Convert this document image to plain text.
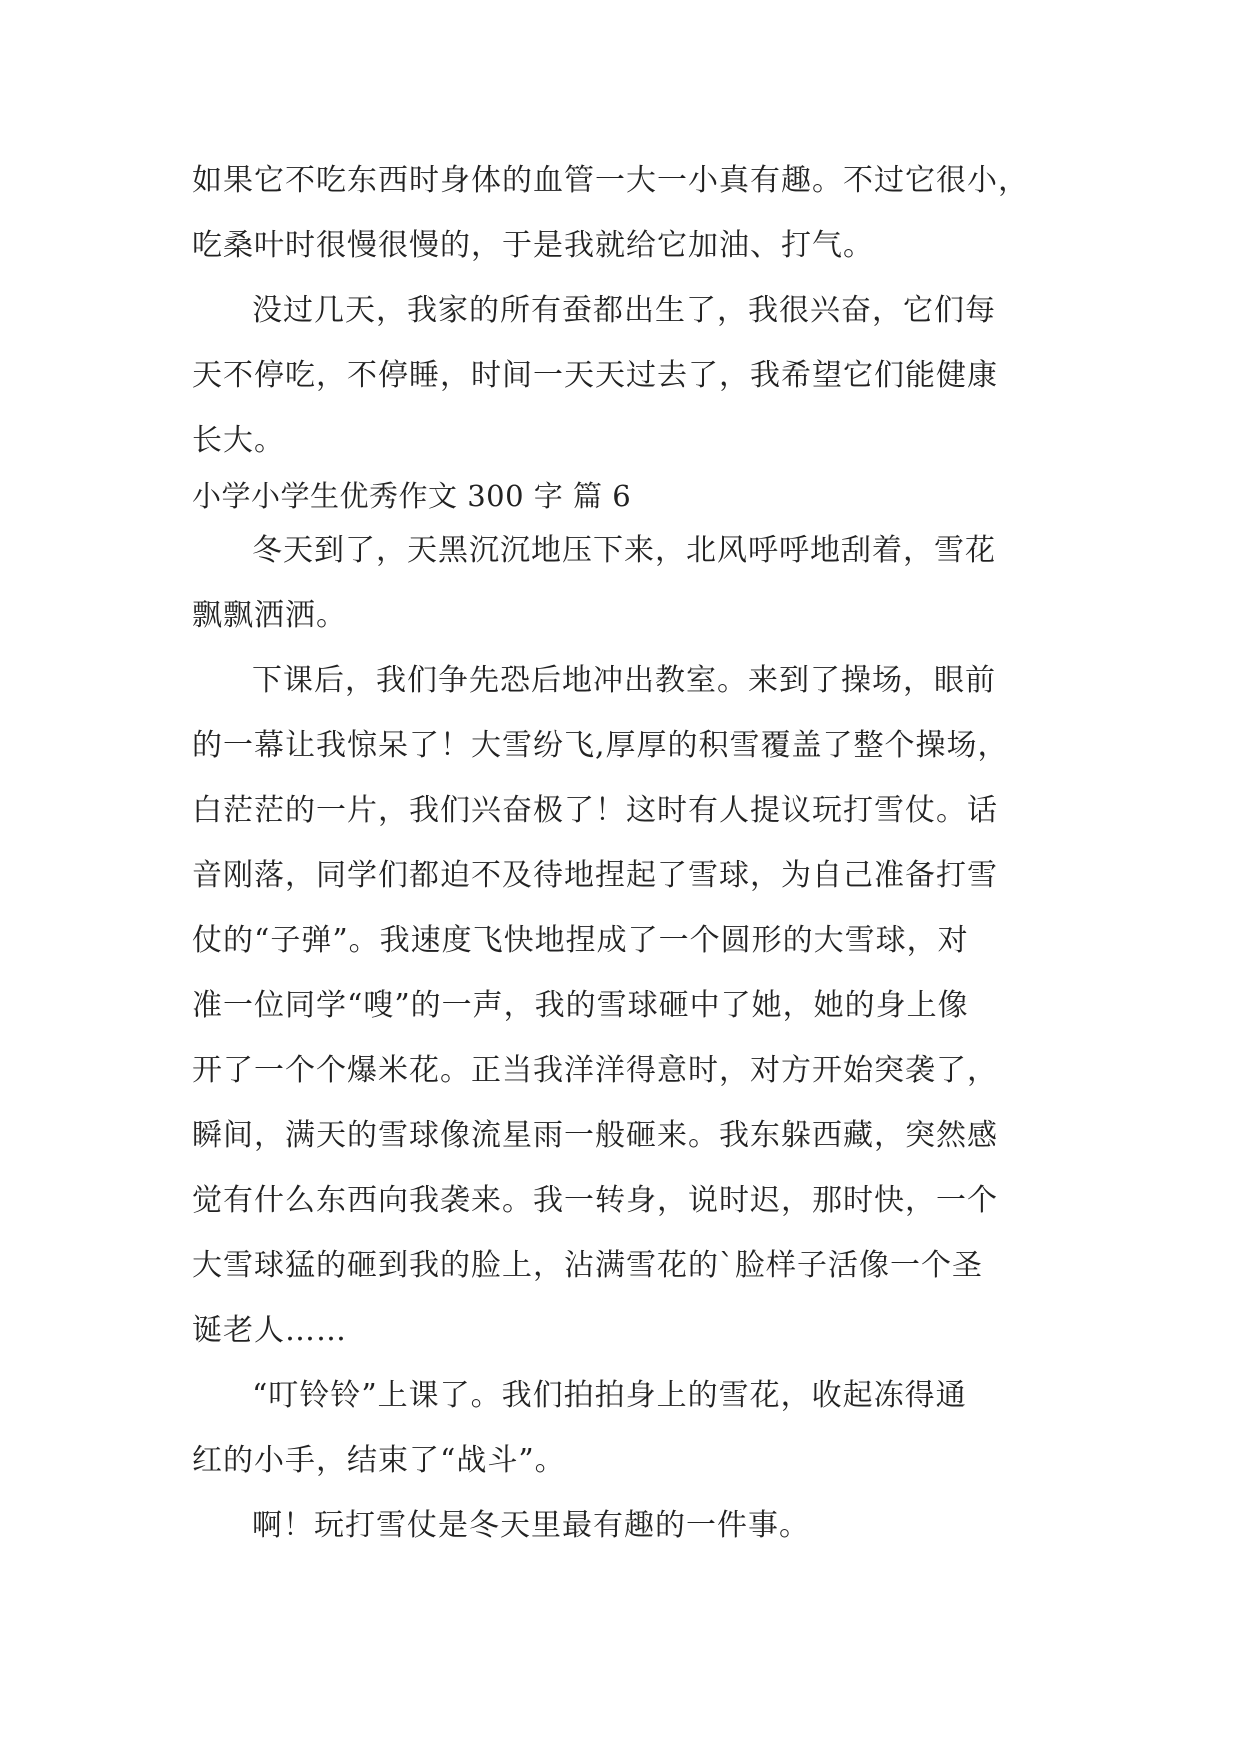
如果它不吃东西时身体的血管一大一小真有趣。不过它很小，
吃桑叶时很慢很慢的，于是我就给它加油、打气。
没过几天，我家的所有蚕都出生了，我很兴奋，它们每
天不停吃，不停睡，时间一天天过去了，我希望它们能健康
长大。
小学小学生优秀作文 300 字 篇 6
冬天到了，天黑沉沉地压下来，北风呼呼地刮着，雪花
飘飘洒洒。
下课后，我们争先恐后地冲出教室。来到了操场，眼前
的一幕让我惊呆了！大雪纷飞,厚厚的积雪覆盖了整个操场，
白茫茫的一片，我们兴奋极了！这时有人提议玩打雪仗。话
音刚落，同学们都迫不及待地捏起了雪球，为自己准备打雪
仗的“子弹”。我速度飞快地捏成了一个圆形的大雪球，对
准一位同学“嗖”的一声，我的雪球砸中了她，她的身上像
开了一个个爆米花。正当我洋洋得意时，对方开始突袭了，
瞬间，满天的雪球像流星雨一般砸来。我东躲西藏，突然感
觉有什么东西向我袭来。我一转身，说时迟，那时快，一个
大雪球猛的砸到我的脸上，沾满雪花的`脸样子活像一个圣
诞老人……
“叮铃铃”上课了。我们拍拍身上的雪花，收起冻得通
红的小手，结束了“战斗”。
啊！玩打雪仗是冬天里最有趣的一件事。
